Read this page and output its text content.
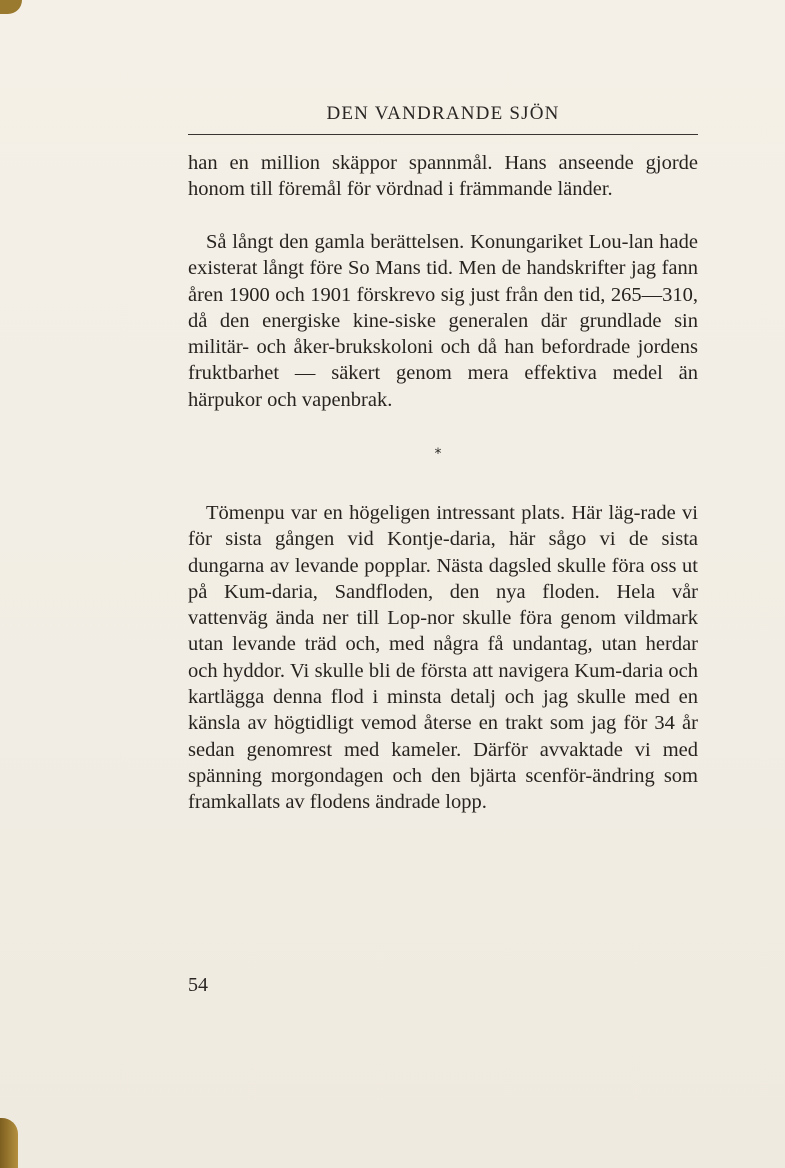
DEN VANDRANDE SJÖN

han en million skäppor spannmål. Hans anseende gjorde honom till föremål för vördnad i främmande länder.

Så långt den gamla berättelsen. Konungariket Lou-lan hade existerat långt före So Mans tid. Men de handskrifter jag fann åren 1900 och 1901 förskrevo sig just från den tid, 265—310, då den energiske kine-siske generalen där grundlade sin militär- och åker-brukskoloni och då han befordrade jordens fruktbarhet — säkert genom mera effektiva medel än härpukor och vapenbrak.

*

Tömenpu var en högeligen intressant plats. Här läg-rade vi för sista gången vid Kontje-daria, här sågo vi de sista dungarna av levande popplar. Nästa dagsled skulle föra oss ut på Kum-daria, Sandfloden, den nya floden. Hela vår vattenväg ända ner till Lop-nor skulle föra genom vildmark utan levande träd och, med några få undantag, utan herdar och hyddor. Vi skulle bli de första att navigera Kum-daria och kartlägga denna flod i minsta detalj och jag skulle med en känsla av högtidligt vemod återse en trakt som jag för 34 år sedan genomrest med kameler. Därför avvaktade vi med spänning morgondagen och den bjärta scenför-ändring som framkallats av flodens ändrade lopp.

54
